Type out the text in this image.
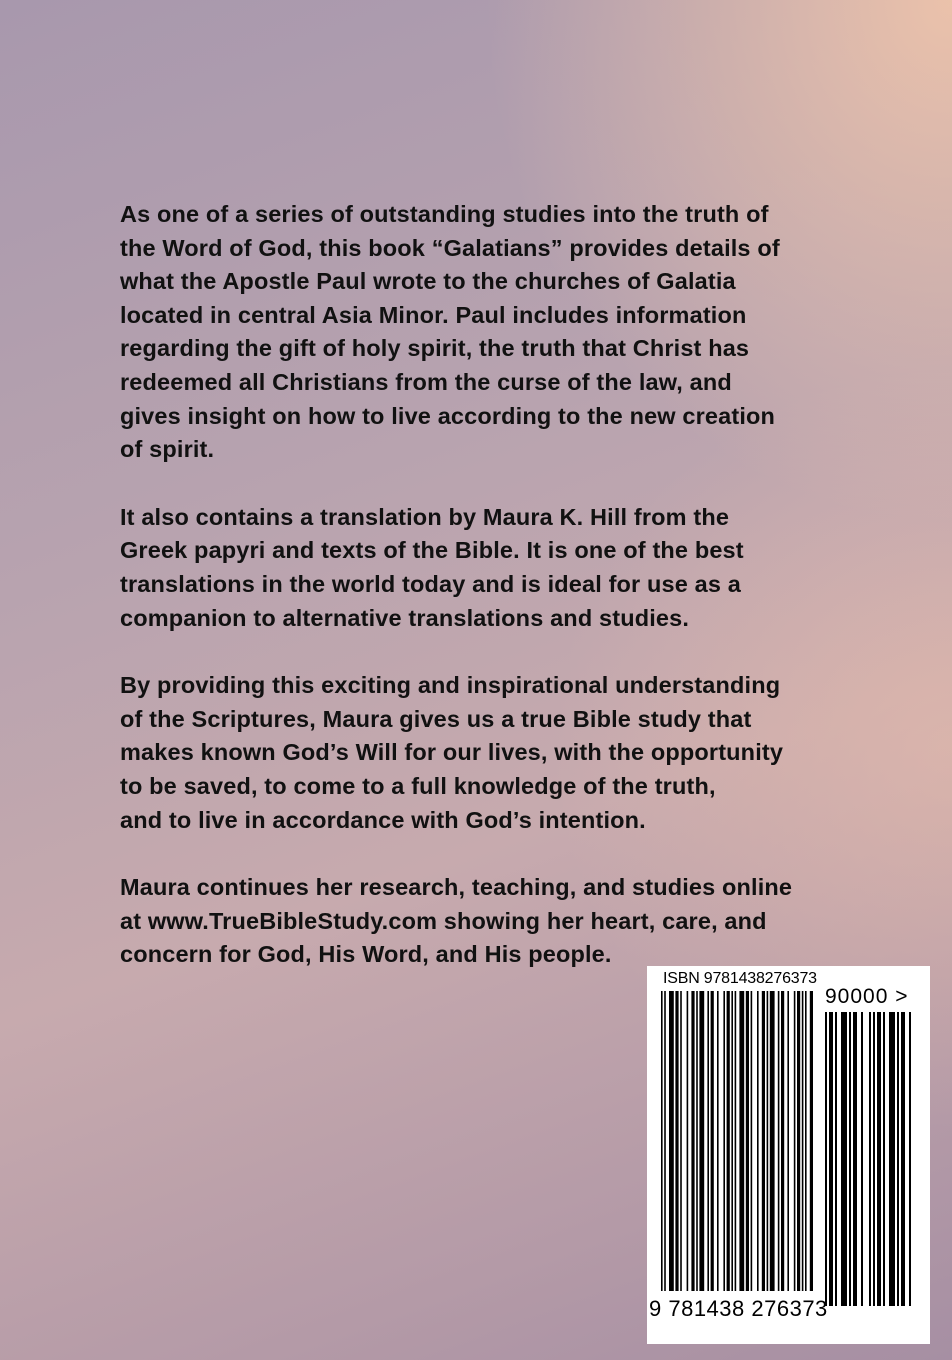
As one of a series of outstanding studies into the truth of
the Word of God, this book “Galatians” provides details of
what the Apostle Paul wrote to the churches of Galatia
located in central Asia Minor. Paul includes information
regarding the gift of holy spirit, the truth that Christ has
redeemed all Christians from the curse of the law, and
gives insight on how to live according to the new creation
of spirit.

It also contains a translation by Maura K. Hill from the
Greek papyri and texts of the Bible. It is one of the best
translations in the world today and is ideal for use as a
companion to alternative translations and studies.

By providing this exciting and inspirational understanding
of the Scriptures, Maura gives us a true Bible study that
makes known God’s Will for our lives, with the opportunity
to be saved, to come to a full knowledge of the truth,
and to live in accordance with God’s intention.

Maura continues her research, teaching, and studies online
at www.TrueBibleStudy.com showing her heart, care, and
concern for God, His Word, and His people.

ISBN 9781438276373
90000 >
9 781438 276373
